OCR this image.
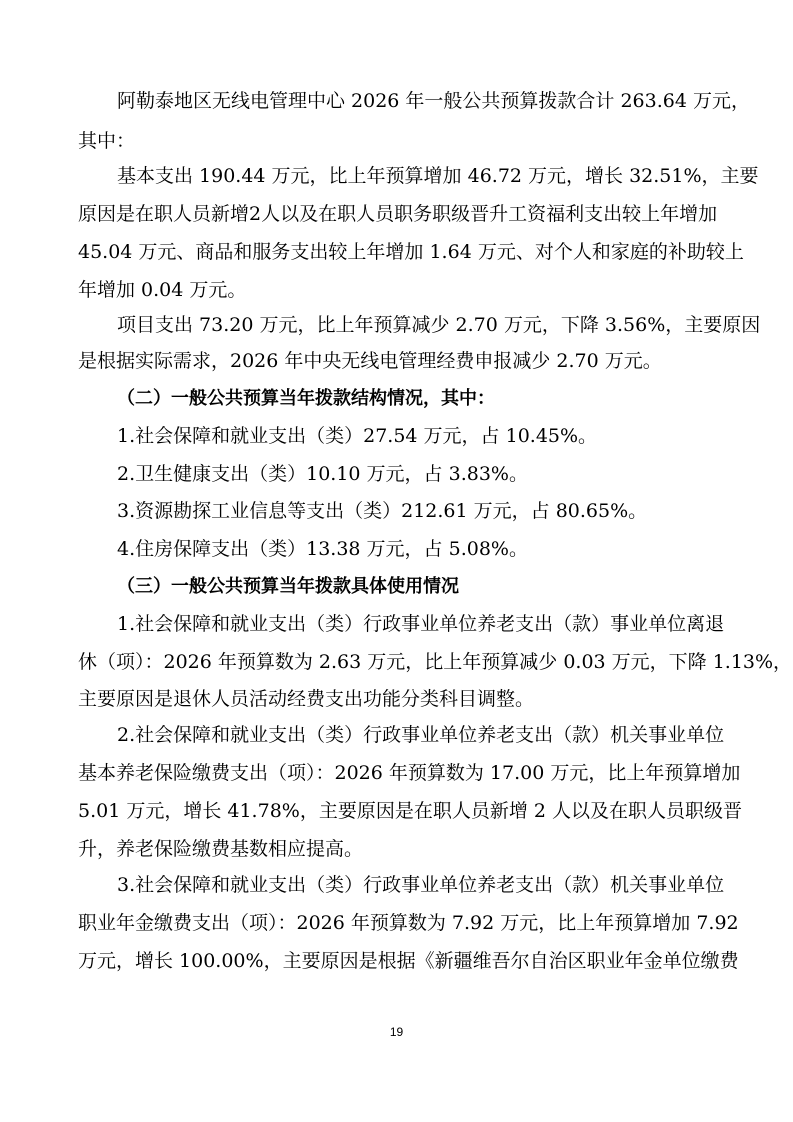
阿勒泰地区无线电管理中心 2026 年一般公共预算拨款合计 263.64 万元，
其中：
基本支出 190.44 万元，比上年预算增加 46.72 万元，增长 32.51%，主要
原因是在职人员新增2人以及在职人员职务职级晋升工资福利支出较上年增加
45.04 万元、商品和服务支出较上年增加 1.64 万元、对个人和家庭的补助较上
年增加 0.04 万元。
项目支出 73.20 万元，比上年预算减少 2.70 万元，下降 3.56%，主要原因
是根据实际需求，2026 年中央无线电管理经费申报减少 2.70 万元。
（二）一般公共预算当年拨款结构情况，其中：
1.社会保障和就业支出（类）27.54 万元，占 10.45%。
2.卫生健康支出（类）10.10 万元，占 3.83%。
3.资源勘探工业信息等支出（类）212.61 万元，占 80.65%。
4.住房保障支出（类）13.38 万元，占 5.08%。
（三）一般公共预算当年拨款具体使用情况
1.社会保障和就业支出（类）行政事业单位养老支出（款）事业单位离退
休（项）：2026 年预算数为 2.63 万元，比上年预算减少 0.03 万元，下降 1.13%，
主要原因是退休人员活动经费支出功能分类科目调整。
2.社会保障和就业支出（类）行政事业单位养老支出（款）机关事业单位
基本养老保险缴费支出（项）：2026 年预算数为 17.00 万元，比上年预算增加
5.01 万元，增长 41.78%，主要原因是在职人员新增 2 人以及在职人员职级晋
升，养老保险缴费基数相应提高。
3.社会保障和就业支出（类）行政事业单位养老支出（款）机关事业单位
职业年金缴费支出（项）：2026 年预算数为 7.92 万元，比上年预算增加 7.92
万元，增长 100.00%，主要原因是根据《新疆维吾尔自治区职业年金单位缴费
19
